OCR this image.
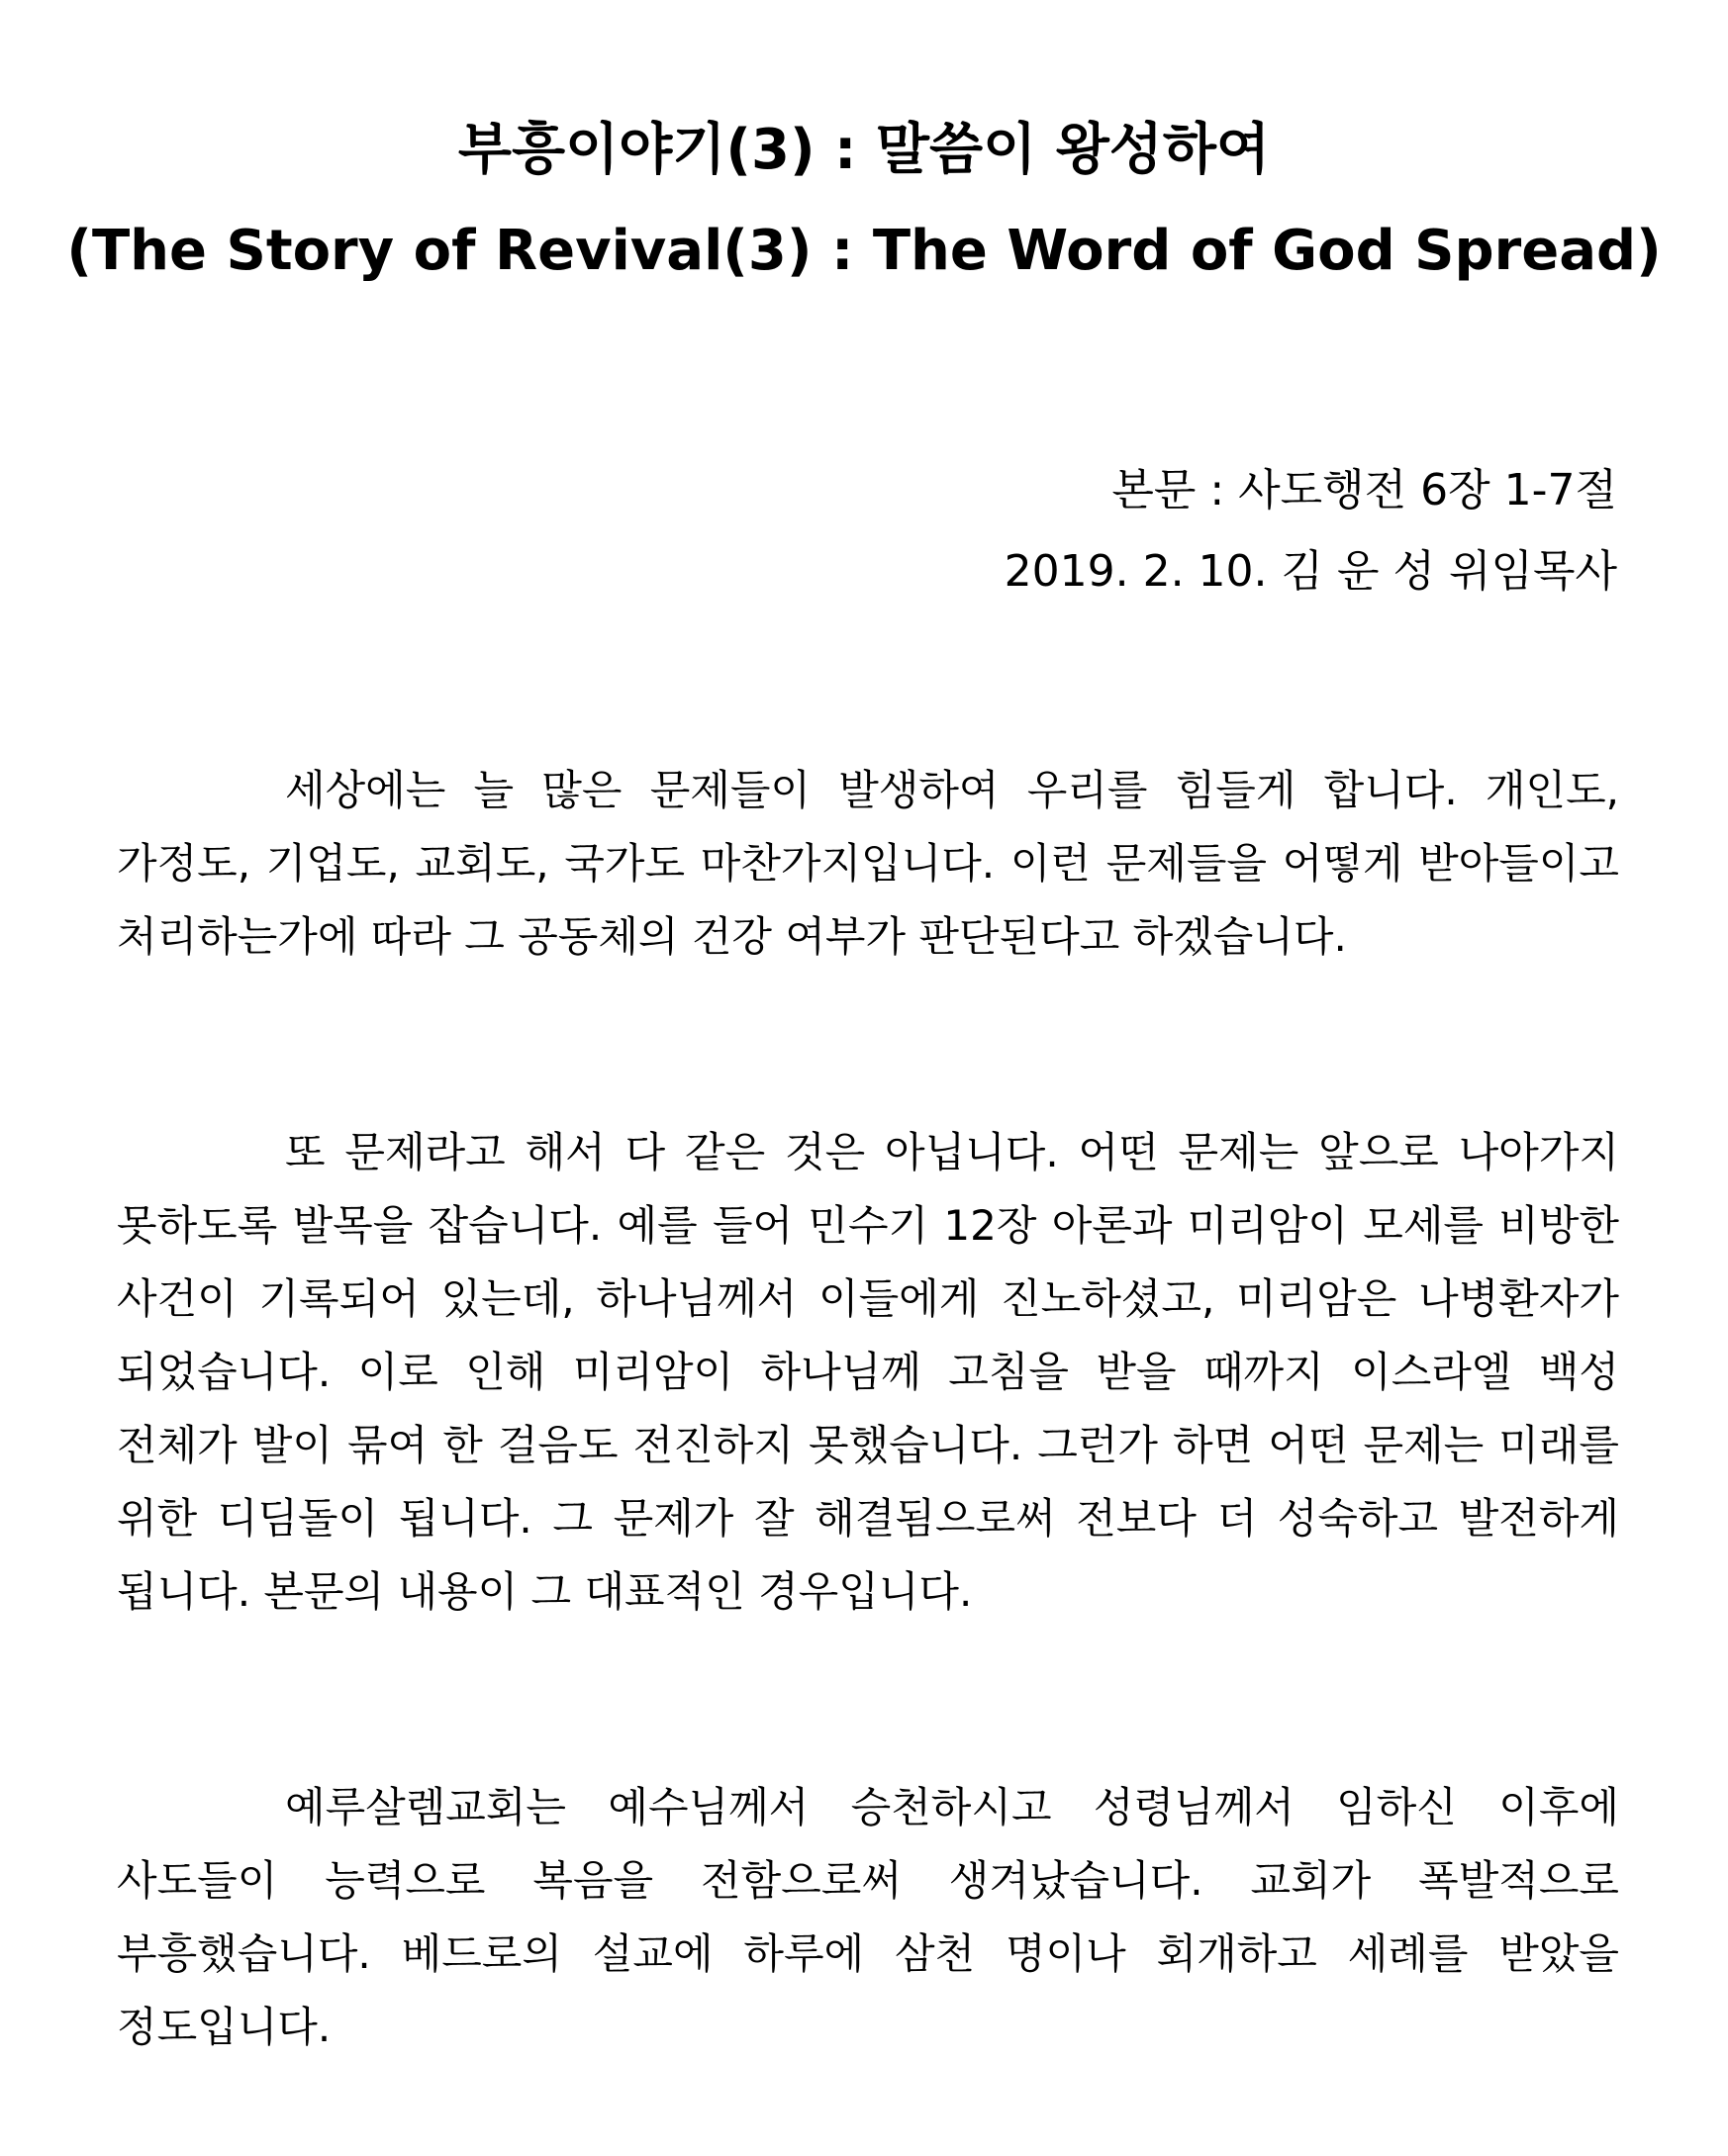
부흥이야기(3) : 말씀이 왕성하여
(The Story of Revival(3) : The Word of God Spread)
본문 : 사도행전 6장 1-7절
2019. 2. 10. 김 운 성 위임목사

세상에는 늘 많은 문제들이 발생하여 우리를 힘들게 합니다. 개인도, 가정도, 기업도, 교회도, 국가도 마찬가지입니다. 이런 문제들을 어떻게 받아들이고 처리하는가에 따라 그 공동체의 건강 여부가 판단된다고 하겠습니다.

또 문제라고 해서 다 같은 것은 아닙니다. 어떤 문제는 앞으로 나아가지 못하도록 발목을 잡습니다. 예를 들어 민수기 12장 아론과 미리암이 모세를 비방한 사건이 기록되어 있는데, 하나님께서 이들에게 진노하셨고, 미리암은 나병환자가 되었습니다. 이로 인해 미리암이 하나님께 고침을 받을 때까지 이스라엘 백성 전체가 발이 묶여 한 걸음도 전진하지 못했습니다. 그런가 하면 어떤 문제는 미래를 위한 디딤돌이 됩니다. 그 문제가 잘 해결됨으로써 전보다 더 성숙하고 발전하게 됩니다. 본문의 내용이 그 대표적인 경우입니다.

예루살렘교회는 예수님께서 승천하시고 성령님께서 임하신 이후에 사도들이 능력으로 복음을 전함으로써 생겨났습니다. 교회가 폭발적으로 부흥했습니다. 베드로의 설교에 하루에 삼천 명이나 회개하고 세례를 받았을 정도입니다.
